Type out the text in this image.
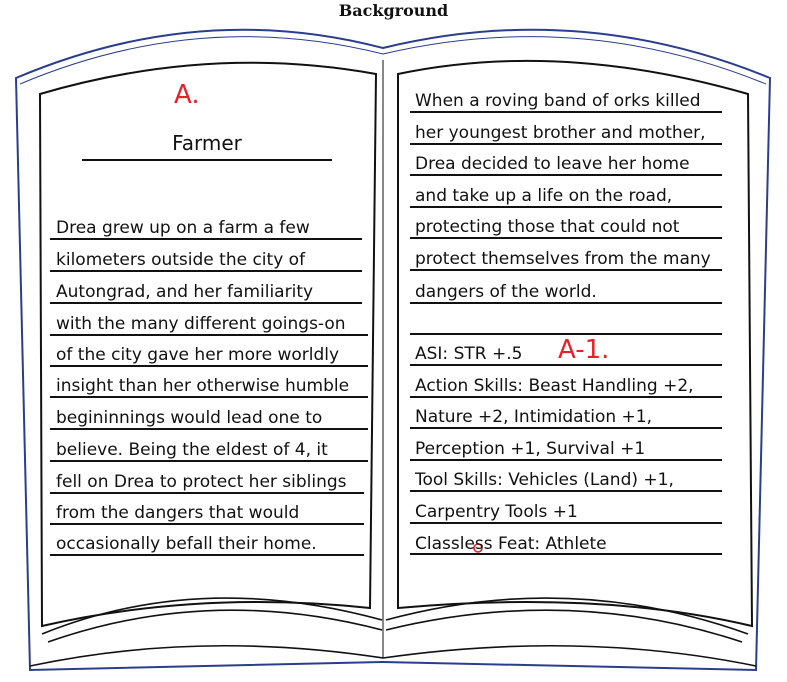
Background
A.
Farmer
A-1.
Drea grew up on a farm a few
kilometers outside the city of
Autongrad, and her familiarity
with the many different goings-on
of the city gave her more worldly
insight than her otherwise humble
begininnings would lead one to
believe. Being the eldest of 4, it
fell on Drea to protect her siblings
from the dangers that would
occasionally befall their home.
When a roving band of orks killed
her youngest brother and mother,
Drea decided to leave her home
and take up a life on the road,
protecting those that could not
protect themselves from the many
dangers of the world.
ASI: STR +.5
Action Skills: Beast Handling +2,
Nature +2, Intimidation +1,
Perception +1, Survival +1
Tool Skills: Vehicles (Land) +1,
Carpentry Tools +1
Classless Feat: Athlete
